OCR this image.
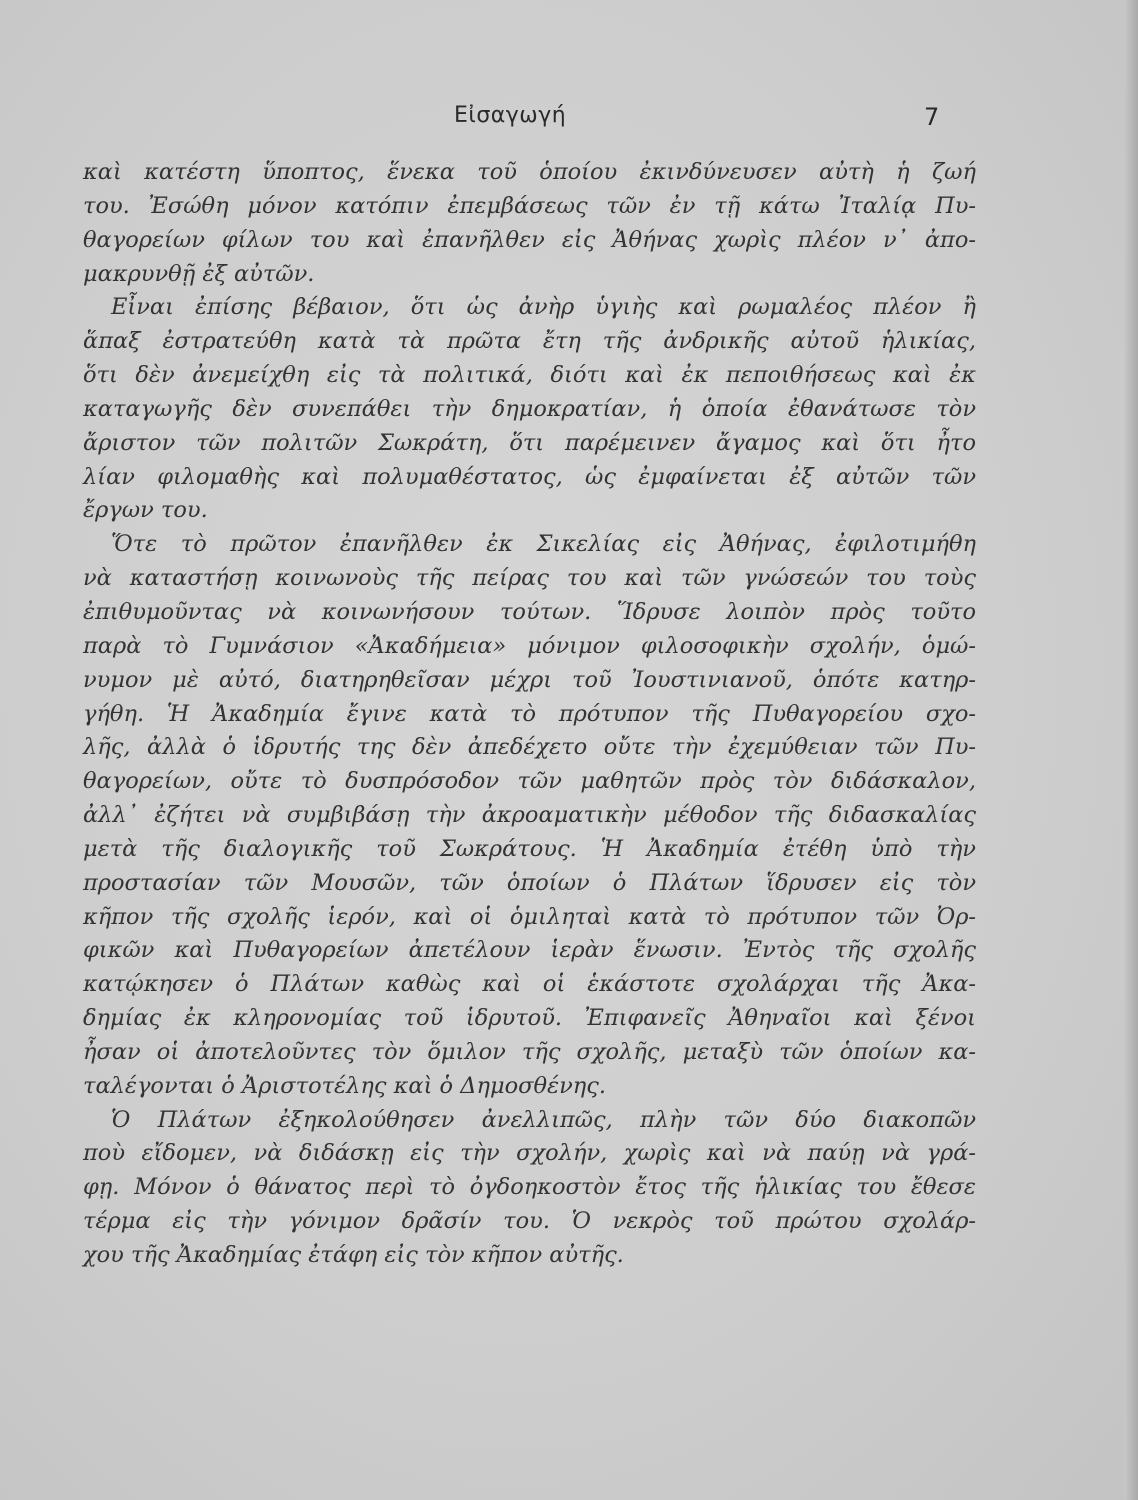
Εἰσαγωγή	7
καὶ κατέστη ὕποπτος, ἕνεκα τοῦ ὁποίου ἐκινδύνευσεν αὐτὴ ἡ ζωή
του. Ἐσώθη μόνον κατόπιν ἐπεμβάσεως τῶν ἐν τῇ κάτω Ἰταλίᾳ Πυ-
θαγορείων φίλων του καὶ ἐπανῆλθεν εἰς Ἀθήνας χωρὶς πλέον ν᾽ ἀπο-
μακρυνθῇ ἐξ αὐτῶν.
Εἶναι ἐπίσης βέβαιον, ὅτι ὡς ἀνὴρ ὑγιὴς καὶ ρωμαλέος πλέον ἢ
ἅπαξ ἐστρατεύθη κατὰ τὰ πρῶτα ἔτη τῆς ἀνδρικῆς αὐτοῦ ἡλικίας,
ὅτι δὲν ἀνεμείχθη εἰς τὰ πολιτικά, διότι καὶ ἐκ πεποιθήσεως καὶ ἐκ
καταγωγῆς δὲν συνεπάθει τὴν δημοκρατίαν, ἡ ὁποία ἐθανάτωσε τὸν
ἄριστον τῶν πολιτῶν Σωκράτη, ὅτι παρέμεινεν ἄγαμος καὶ ὅτι ἦτο
λίαν φιλομαθὴς καὶ πολυμαθέστατος, ὡς ἐμφαίνεται ἐξ αὐτῶν τῶν
ἔργων του.
Ὅτε τὸ πρῶτον ἐπανῆλθεν ἐκ Σικελίας εἰς Ἀθήνας, ἐφιλοτιμήθη
νὰ καταστήσῃ κοινωνοὺς τῆς πείρας του καὶ τῶν γνώσεών του τοὺς
ἐπιθυμοῦντας νὰ κοινωνήσουν τούτων. Ἵδρυσε λοιπὸν πρὸς τοῦτο
παρὰ τὸ Γυμνάσιον «Ἀκαδήμεια» μόνιμον φιλοσοφικὴν σχολήν, ὁμώ-
νυμον μὲ αὐτό, διατηρηθεῖσαν μέχρι τοῦ Ἰουστινιανοῦ, ὁπότε κατηρ-
γήθη. Ἡ Ἀκαδημία ἔγινε κατὰ τὸ πρότυπον τῆς Πυθαγορείου σχο-
λῆς, ἀλλὰ ὁ ἱδρυτής της δὲν ἀπεδέχετο οὔτε τὴν ἐχεμύθειαν τῶν Πυ-
θαγορείων, οὔτε τὸ δυσπρόσοδον τῶν μαθητῶν πρὸς τὸν διδάσκαλον,
ἀλλ᾽ ἐζήτει νὰ συμβιβάσῃ τὴν ἀκροαματικὴν μέθοδον τῆς διδασκαλίας
μετὰ τῆς διαλογικῆς τοῦ Σωκράτους. Ἡ Ἀκαδημία ἐτέθη ὑπὸ τὴν
προστασίαν τῶν Μουσῶν, τῶν ὁποίων ὁ Πλάτων ἵδρυσεν εἰς τὸν
κῆπον τῆς σχολῆς ἱερόν, καὶ οἱ ὁμιληταὶ κατὰ τὸ πρότυπον τῶν Ὀρ-
φικῶν καὶ Πυθαγορείων ἀπετέλουν ἱερὰν ἕνωσιν. Ἐντὸς τῆς σχολῆς
κατῴκησεν ὁ Πλάτων καθὼς καὶ οἱ ἑκάστοτε σχολάρχαι τῆς Ἀκα-
δημίας ἐκ κληρονομίας τοῦ ἱδρυτοῦ. Ἐπιφανεῖς Ἀθηναῖοι καὶ ξένοι
ἦσαν οἱ ἀποτελοῦντες τὸν ὅμιλον τῆς σχολῆς, μεταξὺ τῶν ὁποίων κα-
ταλέγονται ὁ Ἀριστοτέλης καὶ ὁ Δημοσθένης.
Ὁ Πλάτων ἐξηκολούθησεν ἀνελλιπῶς, πλὴν τῶν δύο διακοπῶν
ποὺ εἴδομεν, νὰ διδάσκῃ εἰς τὴν σχολήν, χωρὶς καὶ νὰ παύῃ νὰ γρά-
φῃ. Μόνον ὁ θάνατος περὶ τὸ ὀγδοηκοστὸν ἔτος τῆς ἡλικίας του ἔθεσε
τέρμα εἰς τὴν γόνιμον δρᾶσίν του. Ὁ νεκρὸς τοῦ πρώτου σχολάρ-
χου τῆς Ἀκαδημίας ἐτάφη εἰς τὸν κῆπον αὐτῆς.
